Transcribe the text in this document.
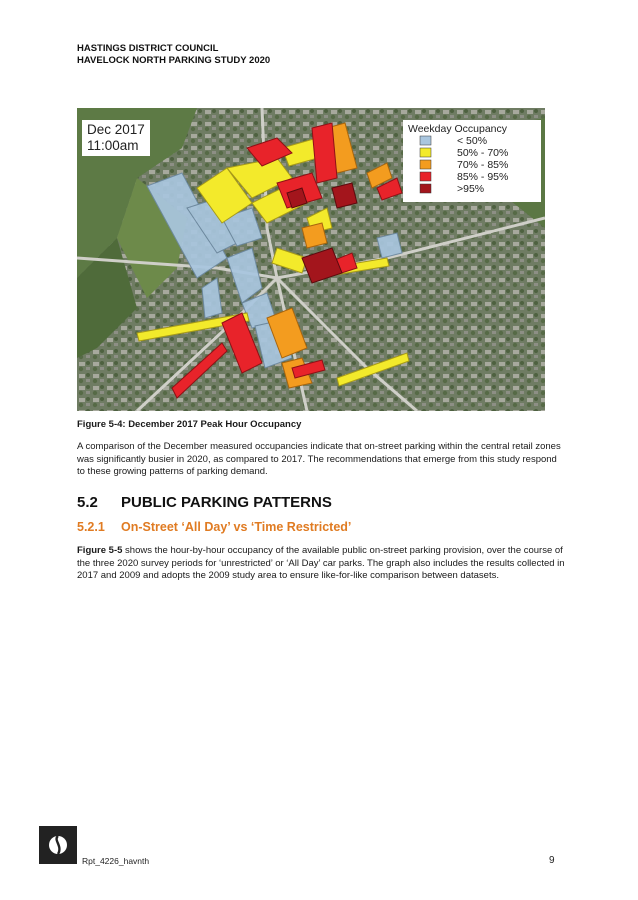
HASTINGS DISTRICT COUNCIL
HAVELOCK NORTH PARKING STUDY 2020
Dec 2017
11:00am
Weekday Occupancy
< 50%
50% - 70%
70% - 85%
85% - 95%
>95%
Figure 5-4: December 2017 Peak Hour Occupancy

A comparison of the December measured occupancies indicate that on-street parking within the central retail zones was significantly busier in 2020, as compared to 2017. The recommendations that emerge from this study respond to these growing patterns of parking demand.

5.2 PUBLIC PARKING PATTERNS
5.2.1 On-Street ‘All Day’ vs ‘Time Restricted’

Figure 5-5 shows the hour-by-hour occupancy of the available public on-street parking provision, over the course of the three 2020 survey periods for ‘unrestricted’ or ‘All Day’ car parks. The graph also includes the results collected in 2017 and 2009 and adopts the 2009 study area to ensure like-for-like comparison between datasets.

Rpt_4226_havnth	9
